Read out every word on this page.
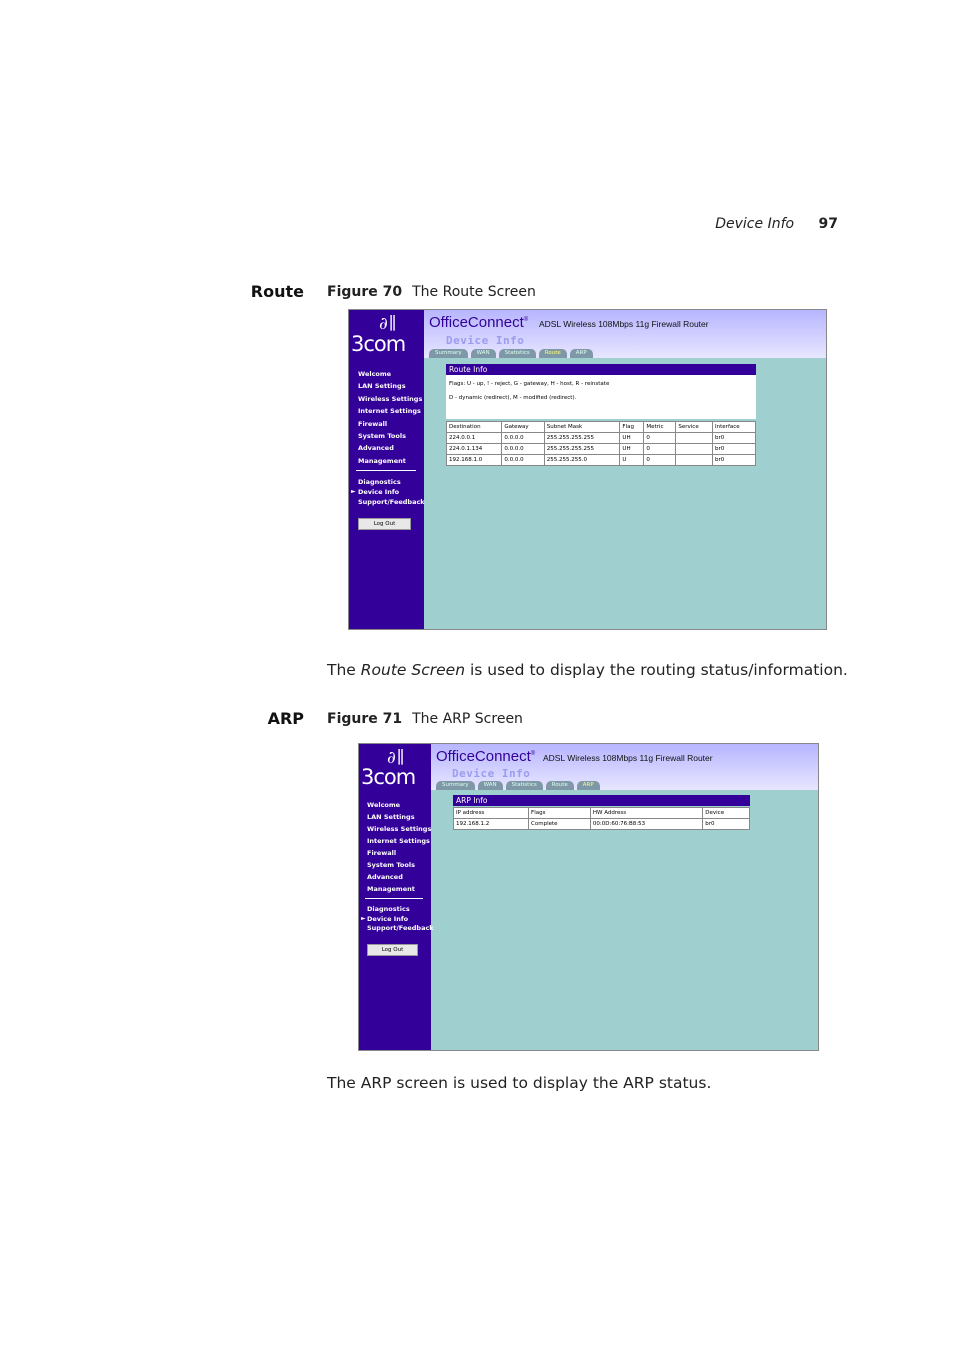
Device Info 97
Route Figure 70 The Route Screen
∂∥
3com
Welcome
LAN Settings
Wireless Settings
Internet Settings
Firewall
System Tools
Advanced
Management
Diagnostics
Device Info
Support/Feedback
►
Log Out
OfficeConnect® ADSL Wireless 108Mbps 11g Firewall Router
Device Info
Summary	WAN	Statistics	Route	ARP
Route Info
Flags: U - up, ! - reject, G - gateway, H - host, R - reinstate
D - dynamic (redirect), M - modified (redirect).
Destination	Gateway	Subnet Mask	Flag	Metric	Service	Interface
224.0.0.1	0.0.0.0	255.255.255.255	UH	0		br0
224.0.1.134	0.0.0.0	255.255.255.255	UH	0		br0
192.168.1.0	0.0.0.0	255.255.255.0	U	0		br0
The Route Screen is used to display the routing status/information.
ARP Figure 71 The ARP Screen
∂∥
3com
Welcome
LAN Settings
Wireless Settings
Internet Settings
Firewall
System Tools
Advanced
Management
Diagnostics
Device Info
Support/Feedback
►
Log Out
OfficeConnect® ADSL Wireless 108Mbps 11g Firewall Router
Device Info
Summary	WAN	Statistics	Route	ARP
ARP Info
IP address	Flags	HW Address	Device
192.168.1.2	Complete	00:0D:60:76:B8:53	br0
The ARP screen is used to display the ARP status.
